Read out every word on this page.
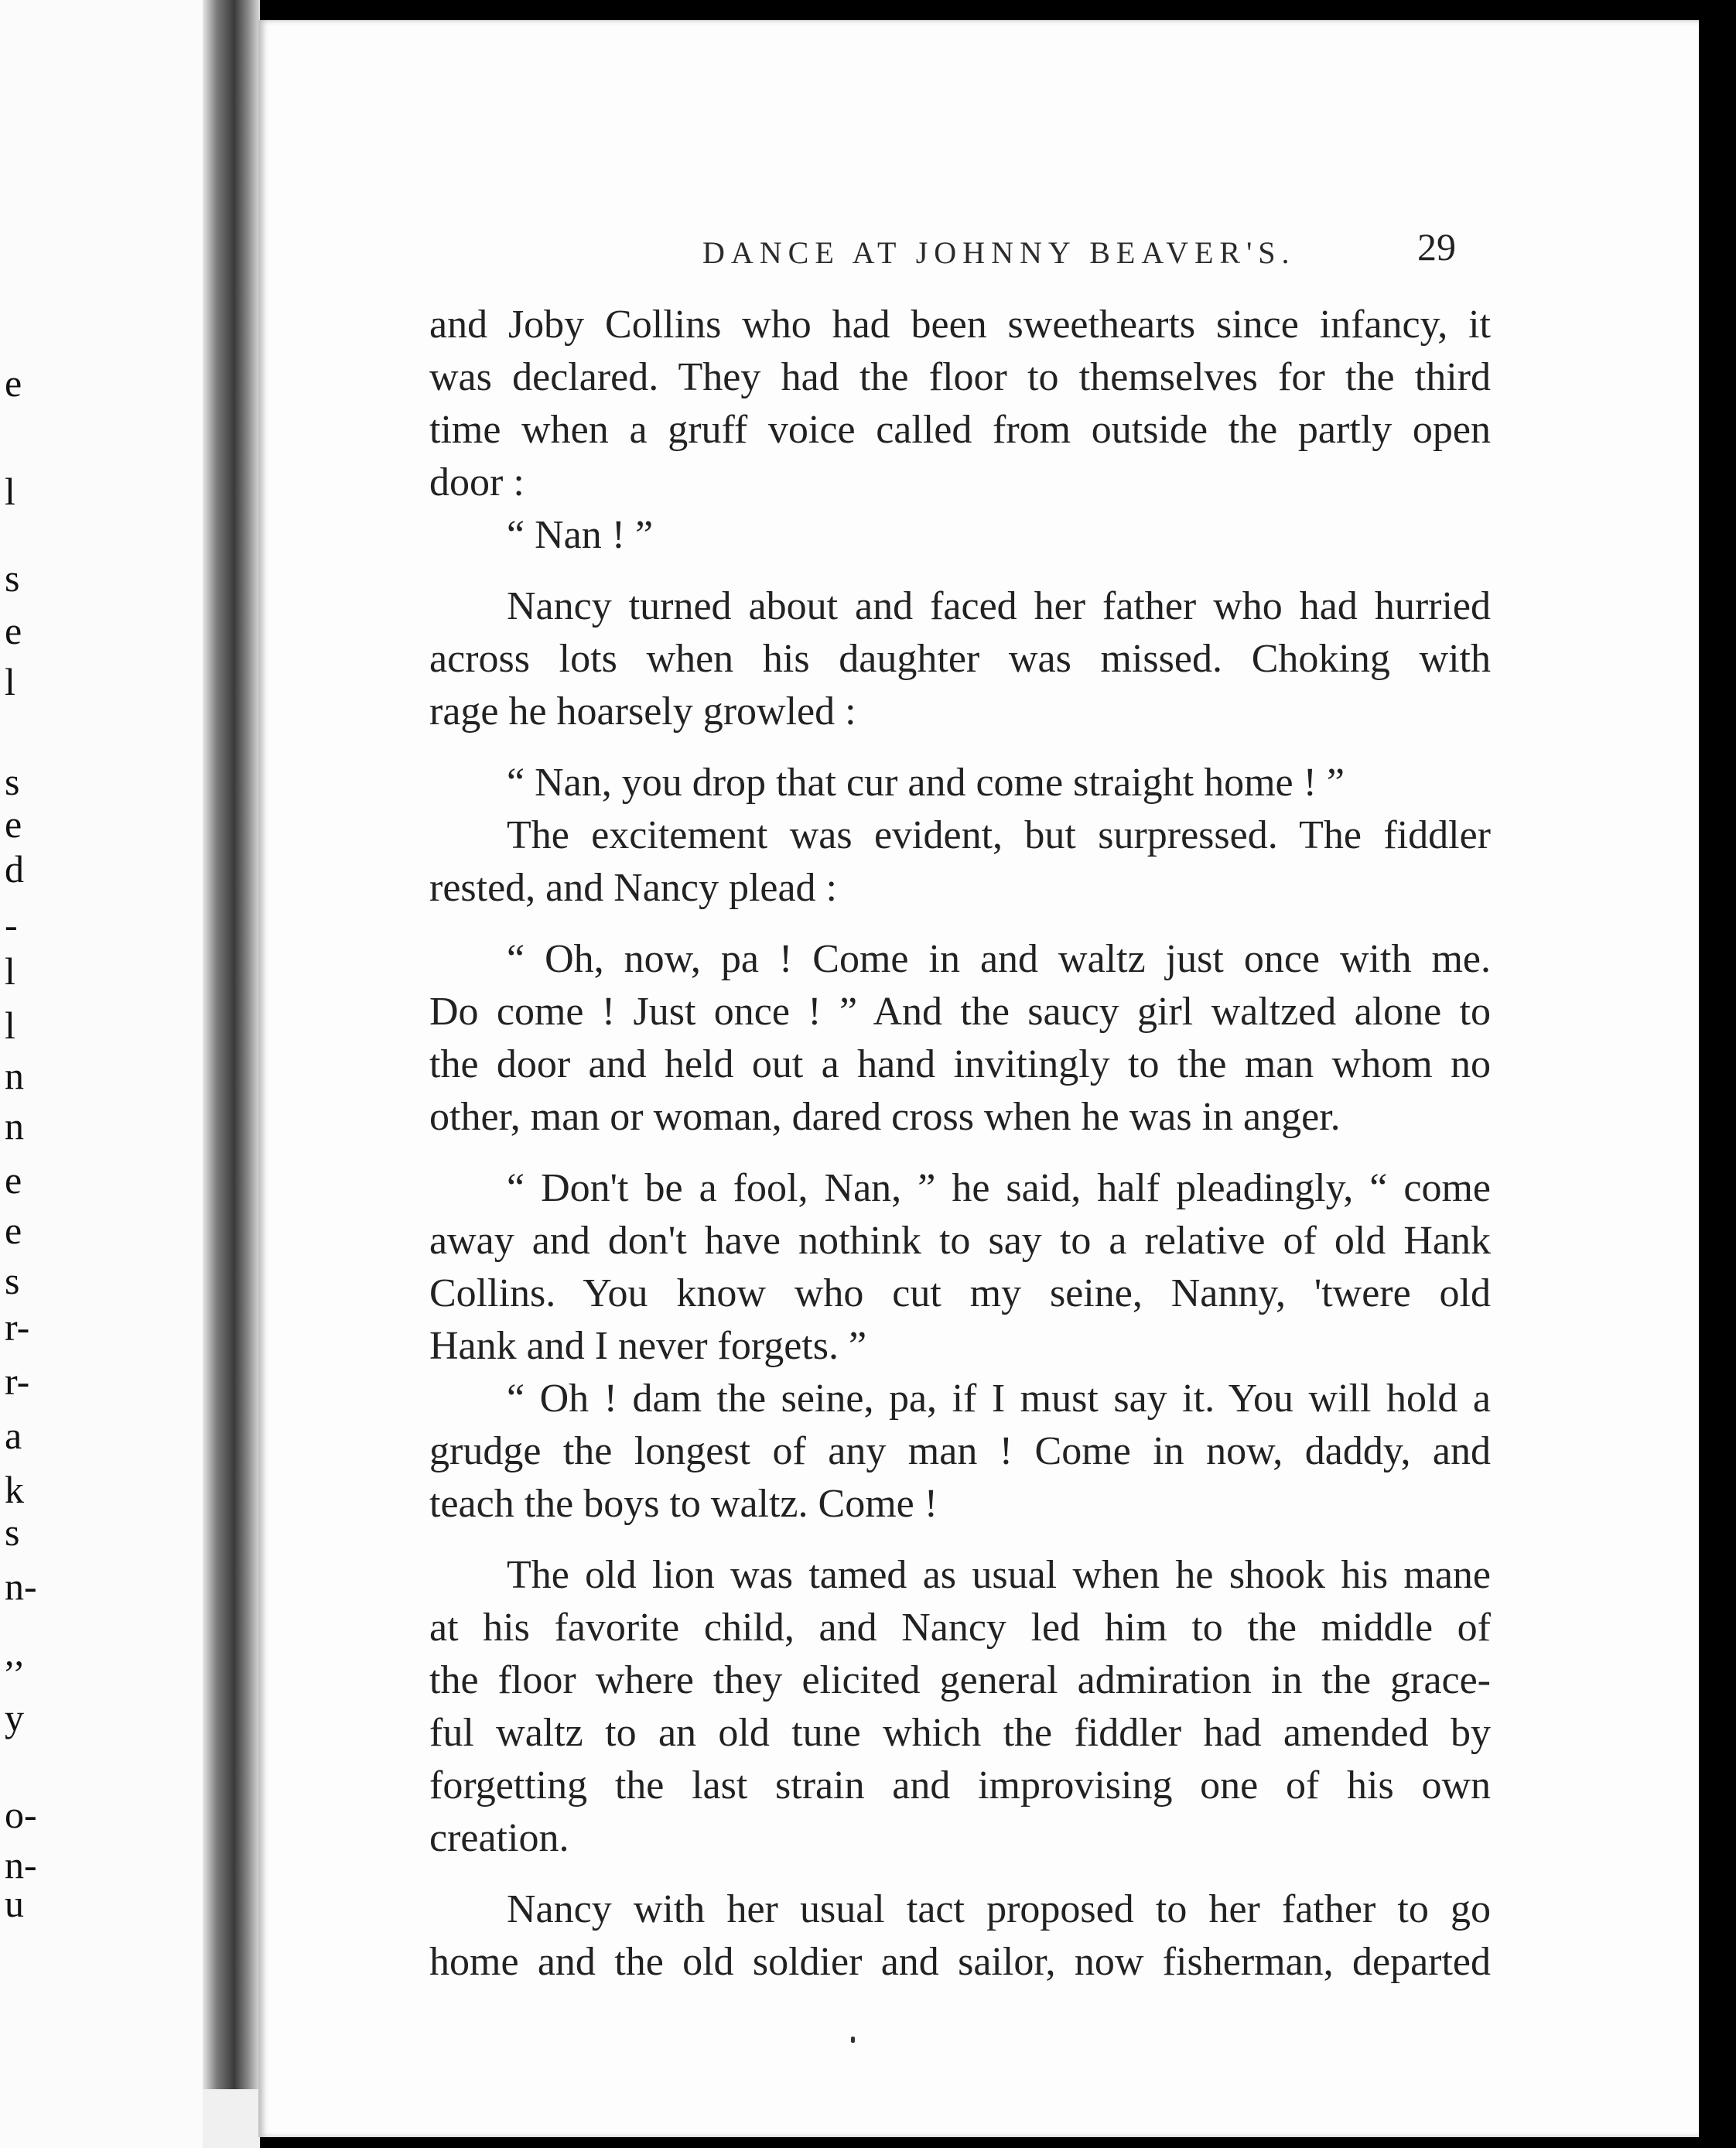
e
l
s
e
l
s
e
d
-
l
l
n
n
e
e
s
r-
r-
a
k
s
n-
,,
y
o-
n-
u
DANCE AT JOHNNY BEAVER'S.	29
and Joby Collins who had been sweethearts since infancy, it
was declared. They had the floor to themselves for the third
time when a gruff voice called from outside the partly open
door :
“ Nan ! ”
Nancy turned about and faced her father who had hurried
across lots when his daughter was missed. Choking with
rage he hoarsely growled :
“ Nan, you drop that cur and come straight home ! ”
The excitement was evident, but surpressed. The fiddler
rested, and Nancy plead :
“ Oh, now, pa ! Come in and waltz just once with me.
Do come ! Just once ! ” And the saucy girl waltzed alone to
the door and held out a hand invitingly to the man whom no
other, man or woman, dared cross when he was in anger.
“ Don't be a fool, Nan, ” he said, half pleadingly, “ come
away and don't have nothink to say to a relative of old Hank
Collins. You know who cut my seine, Nanny, 'twere old
Hank and I never forgets. ”
“ Oh ! dam the seine, pa, if I must say it. You will hold a
grudge the longest of any man ! Come in now, daddy, and
teach the boys to waltz. Come !
The old lion was tamed as usual when he shook his mane
at his favorite child, and Nancy led him to the middle of
the floor where they elicited general admiration in the grace-
ful waltz to an old tune which the fiddler had amended by
forgetting the last strain and improvising one of his own
creation.
Nancy with her usual tact proposed to her father to go
home and the old soldier and sailor, now fisherman, departed
